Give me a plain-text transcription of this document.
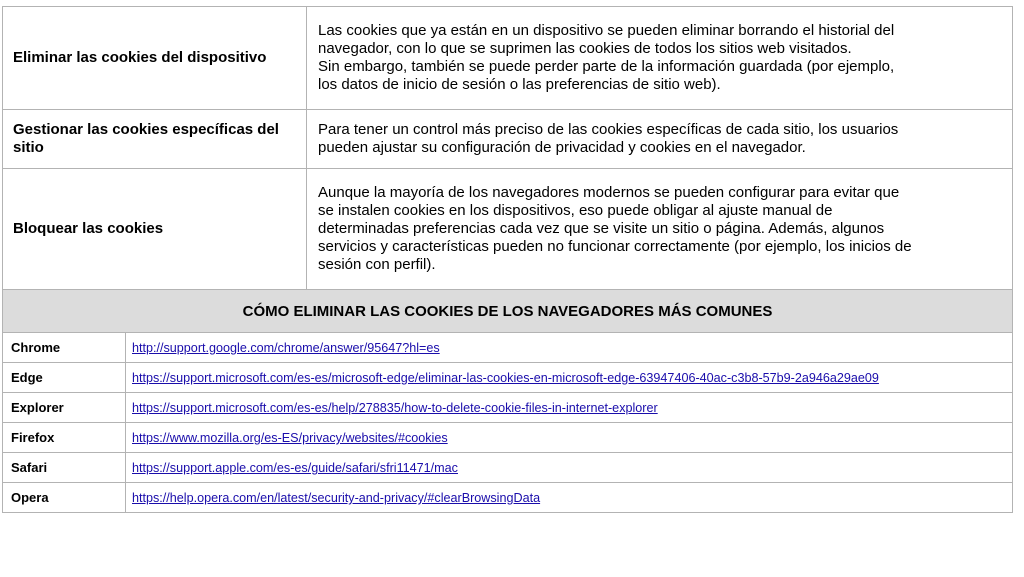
Eliminar las cookies del dispositivo	Las cookies que ya están en un dispositivo se pueden eliminar borrando el historial del
navegador, con lo que se suprimen las cookies de todos los sitios web visitados.
Sin embargo, también se puede perder parte de la información guardada (por ejemplo,
los datos de inicio de sesión o las preferencias de sitio web).

Gestionar las cookies específicas del sitio	Para tener un control más preciso de las cookies específicas de cada sitio, los usuarios
pueden ajustar su configuración de privacidad y cookies en el navegador.

Bloquear las cookies	Aunque la mayoría de los navegadores modernos se pueden configurar para evitar que
se instalen cookies en los dispositivos, eso puede obligar al ajuste manual de
determinadas preferencias cada vez que se visite un sitio o página. Además, algunos
servicios y características pueden no funcionar correctamente (por ejemplo, los inicios de
sesión con perfil).

CÓMO ELIMINAR LAS COOKIES DE LOS NAVEGADORES MÁS COMUNES	
Chrome	http://support.google.com/chrome/answer/95647?hl=es
Edge	https://support.microsoft.com/es-es/microsoft-edge/eliminar-las-cookies-en-microsoft-edge-63947406-40ac-c3b8-57b9-2a946a29ae09
Explorer	https://support.microsoft.com/es-es/help/278835/how-to-delete-cookie-files-in-internet-explorer
Firefox	https://www.mozilla.org/es-ES/privacy/websites/#cookies
Safari	https://support.apple.com/es-es/guide/safari/sfri11471/mac
Opera	https://help.opera.com/en/latest/security-and-privacy/#clearBrowsingData
